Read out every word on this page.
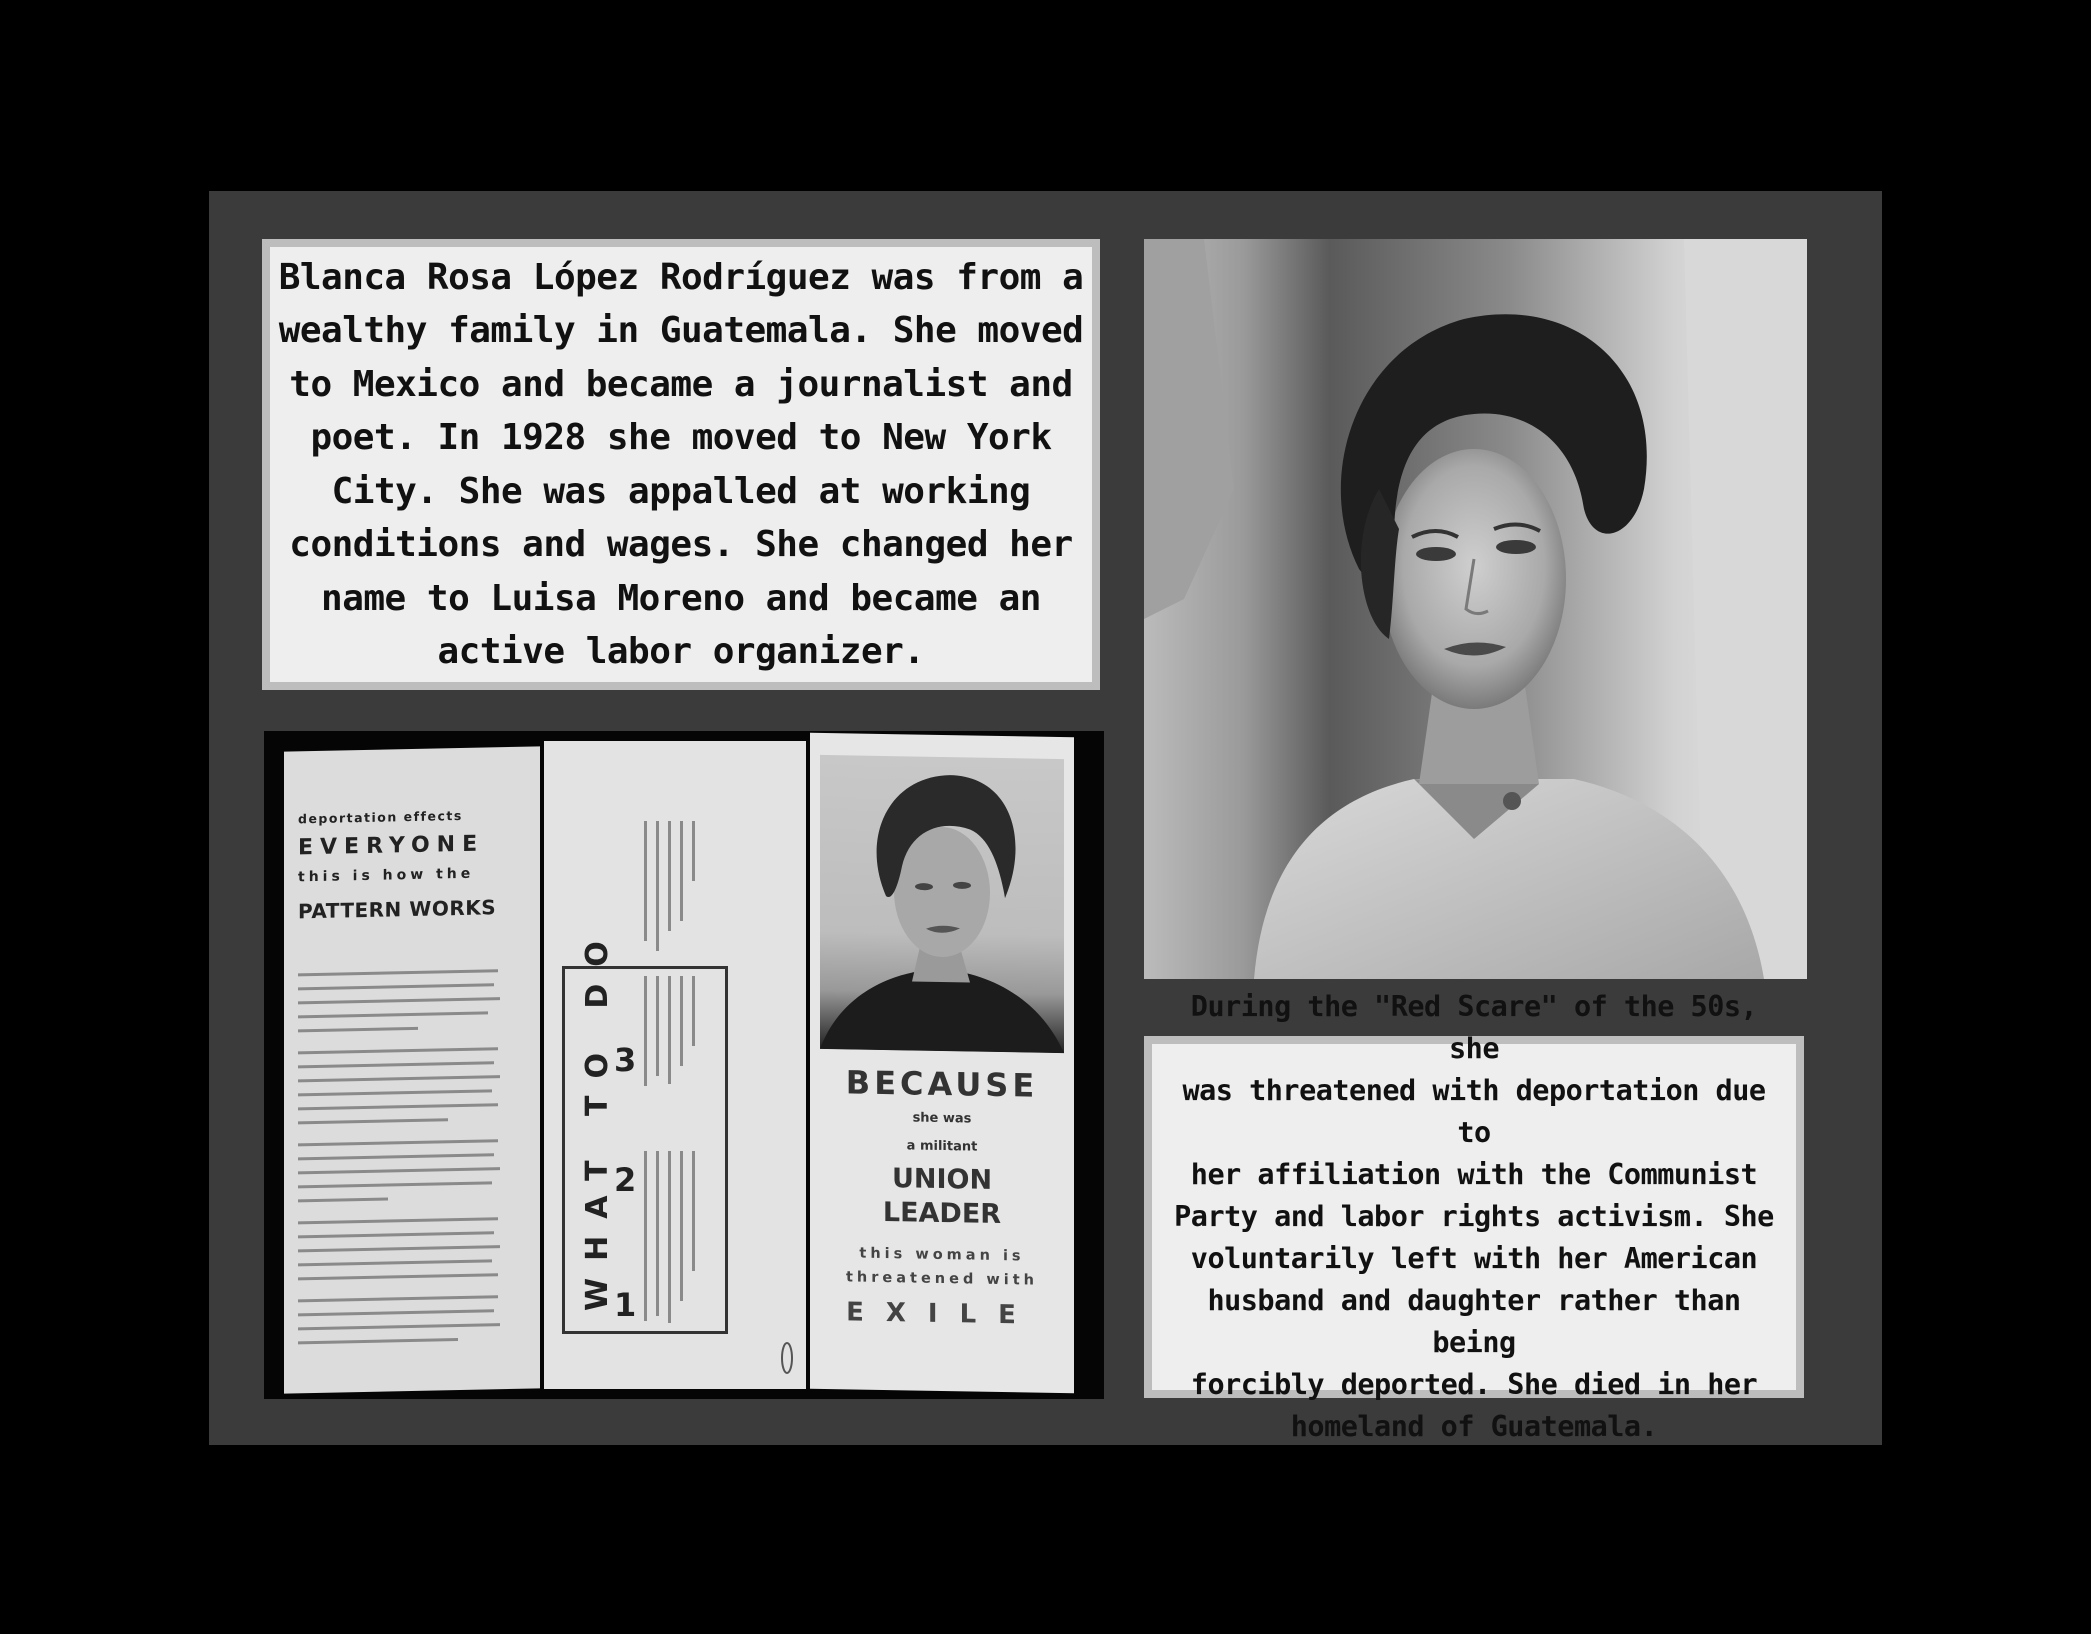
Blanca Rosa López Rodríguez was from a
wealthy family in Guatemala. She moved
to Mexico and became a journalist and
poet. In 1928 she moved to New York
City. She was appalled at working
conditions and wages. She changed her
name to Luisa Moreno and became an
active labor organizer.
deportation effects
EVERYONE
this is how the
PATTERN WORKS
WHAT TO DO 1
2
3
BECAUSE
she was
a militant
UNION
LEADER
this woman is
threatened with
EXILE
During the "Red Scare" of the 50s, she
was threatened with deportation due to
her affiliation with the Communist
Party and labor rights activism. She
voluntarily left with her American
husband and daughter rather than being
forcibly deported. She died in her
homeland of Guatemala.
